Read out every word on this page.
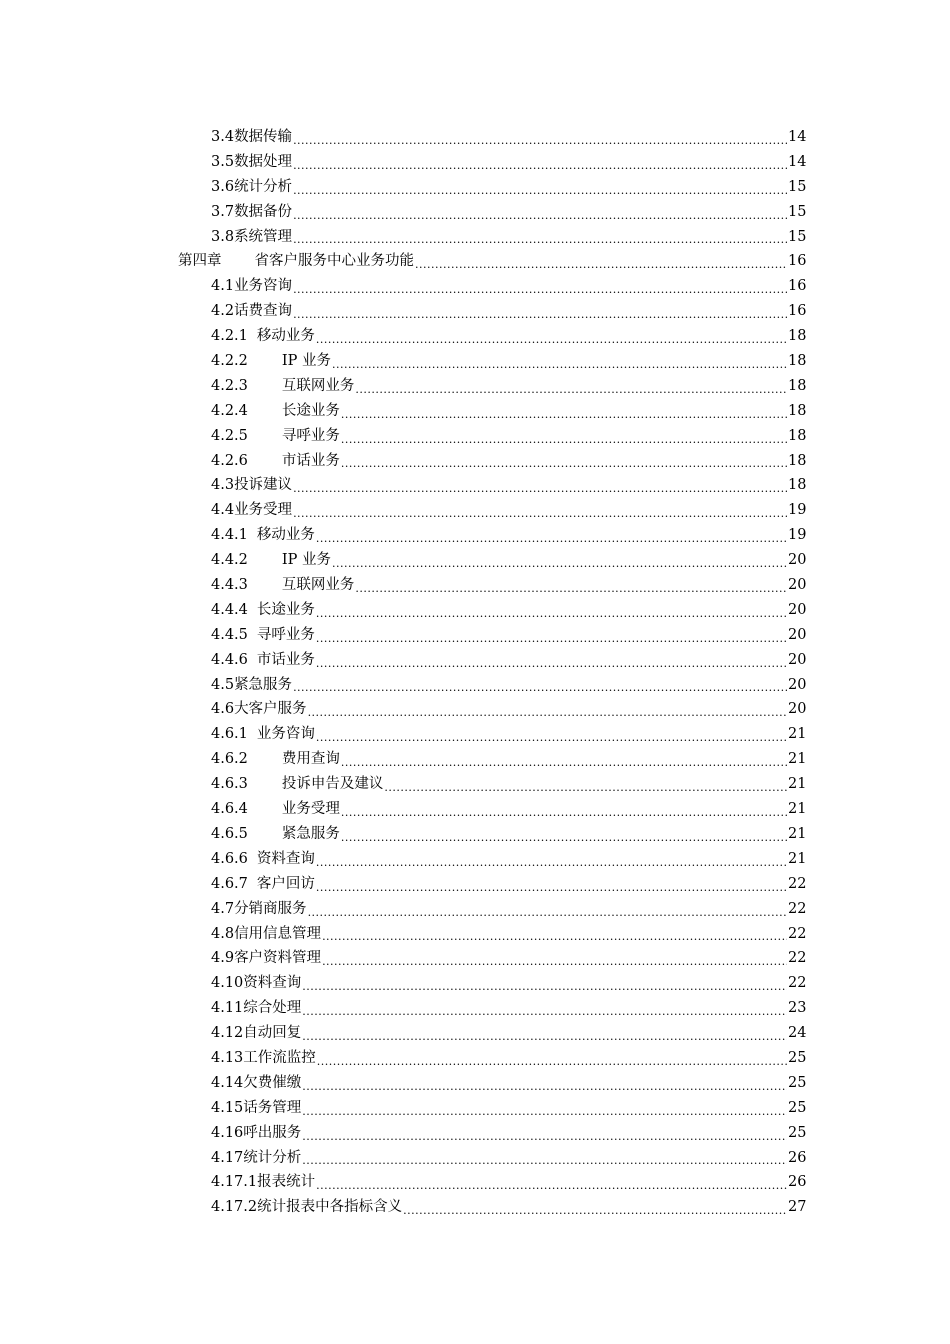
3.4 数据传输 .....	14
3.5 数据处理 .....	14
3.6 统计分析 .....	15
3.7 数据备份 .....	15
3.8 系统管理 .....	15
第四章 省客户服务中心业务功能 .....	16
4.1 业务咨询 .....	16
4.2 话费查询 .....	16
4.2.1 移动业务 .....	18
4.2.2 IP 业务 .....	18
4.2.3 互联网业务 .....	18
4.2.4 长途业务 .....	18
4.2.5 寻呼业务 .....	18
4.2.6 市话业务 .....	18
4.3 投诉建议 .....	18
4.4 业务受理 .....	19
4.4.1 移动业务 .....	19
4.4.2 IP 业务 .....	20
4.4.3 互联网业务 .....	20
4.4.4 长途业务 .....	20
4.4.5 寻呼业务 .....	20
4.4.6 市话业务 .....	20
4.5 紧急服务 .....	20
4.6 大客户服务 .....	20
4.6.1 业务咨询 .....	21
4.6.2 费用查询 .....	21
4.6.3 投诉申告及建议 .....	21
4.6.4 业务受理 .....	21
4.6.5 紧急服务 .....	21
4.6.6 资料查询 .....	21
4.6.7 客户回访 .....	22
4.7 分销商服务 .....	22
4.8 信用信息管理 .....	22
4.9 客户资料管理 .....	22
4.10 资料查询 .....	22
4.11 综合处理 .....	23
4.12 自动回复 .....	24
4.13 工作流监控 .....	25
4.14 欠费催缴 .....	25
4.15 话务管理 .....	25
4.16 呼出服务 .....	25
4.17 统计分析 .....	26
4.17.1 报表统计 .....	26
4.17.2 统计报表中各指标含义 .....	27
